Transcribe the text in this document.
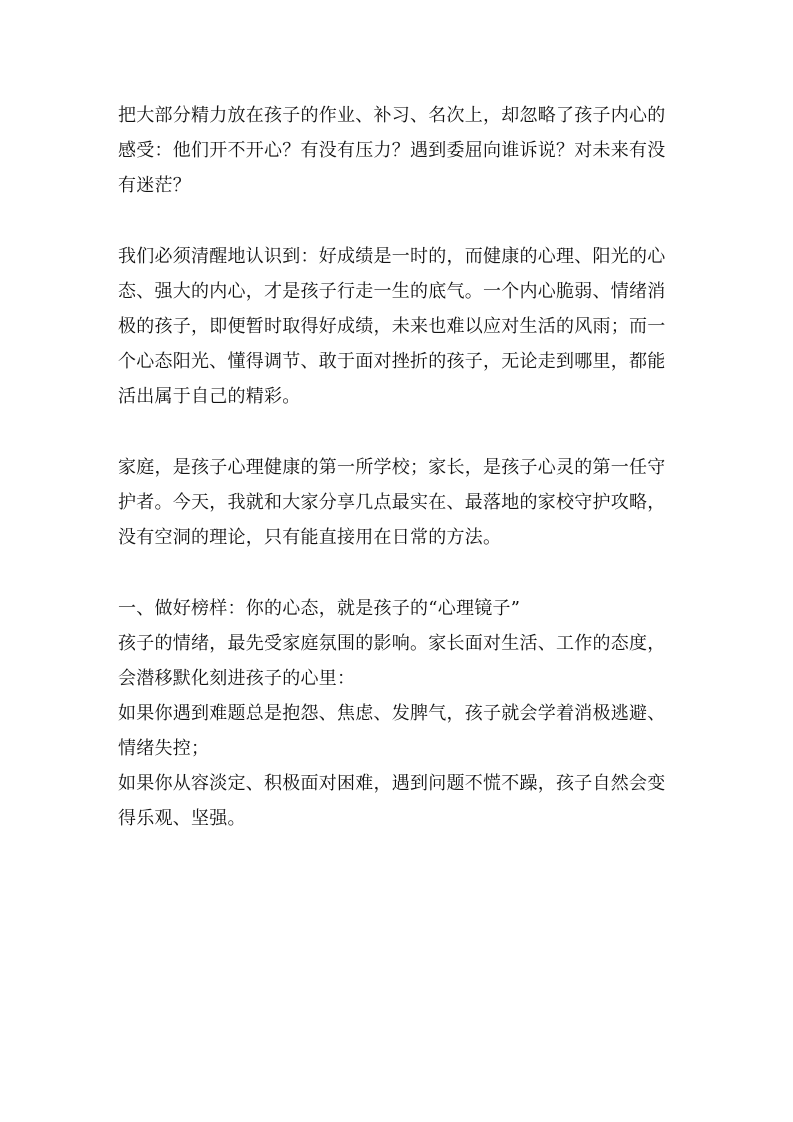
把大部分精力放在孩子的作业、补习、名次上，却忽略了孩子内心的感受：他们开不开心？有没有压力？遇到委屈向谁诉说？对未来有没有迷茫？

我们必须清醒地认识到：好成绩是一时的，而健康的心理、阳光的心态、强大的内心，才是孩子行走一生的底气。一个内心脆弱、情绪消极的孩子，即便暂时取得好成绩，未来也难以应对生活的风雨；而一个心态阳光、懂得调节、敢于面对挫折的孩子，无论走到哪里，都能活出属于自己的精彩。

家庭，是孩子心理健康的第一所学校；家长，是孩子心灵的第一任守护者。今天，我就和大家分享几点最实在、最落地的家校守护攻略，没有空洞的理论，只有能直接用在日常的方法。

一、做好榜样：你的心态，就是孩子的“心理镜子”

孩子的情绪，最先受家庭氛围的影响。家长面对生活、工作的态度，会潜移默化刻进孩子的心里：

如果你遇到难题总是抱怨、焦虑、发脾气，孩子就会学着消极逃避、情绪失控；

如果你从容淡定、积极面对困难，遇到问题不慌不躁，孩子自然会变得乐观、坚强。
